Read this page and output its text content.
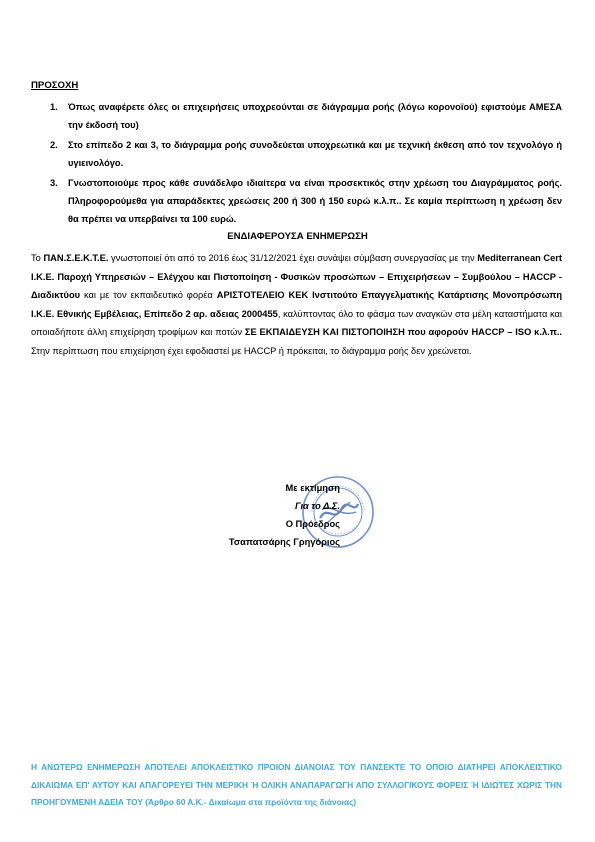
ΠΡΟΣΟΧΗ
1.	Όπως αναφέρετε όλες οι επιχειρήσεις υποχρεούνται σε διάγραμμα ροής (λόγω κορονοϊού) εφιστούμε ΑΜΕΣΑ την έκδοσή του)
2.	Στο επίπεδο 2 και 3, το διάγραμμα ροής συνοδεύεται υποχρεωτικά και με τεχνική έκθεση από τον τεχνολόγο ή υγιεινολόγο.
3.	Γνωστοποιούμε προς κάθε συνάδελφο ιδιαίτερα να είναι προσεκτικός στην χρέωση του Διαγράμματος ροής. Πληροφορούμεθα για απαράδεκτες χρεώσεις 200 ή 300 ή 150 ευρώ κ.λ.π.. Σε καμία περίπτωση η χρέωση δεν θα πρέπει να υπερβαίνει τα 100 ευρώ.
ΕΝΔΙΑΦΕΡΟΥΣΑ ΕΝΗΜΕΡΩΣΗ
Το ΠΑΝ.Σ.Ε.Κ.Τ.Ε. γνωστοποιεί ότι από το 2016 έως 31/12/2021 έχει συνάψει σύμβαση συνεργασίας με την Mediterranean Cert Ι.Κ.Ε. Παροχή Υπηρεσιών – Ελέγχου και Πιστοποίηση - Φυσικών προσώπων – Επιχειρήσεων – Συμβούλου – HACCP - Διαδικτύου και με τον εκπαιδευτικό φορέα ΑΡΙΣΤΟΤΕΛΕΙΟ ΚΕΚ Ινστιτούτο Επαγγελματικής Κατάρτισης Μονοπρόσωπη Ι.Κ.Ε. Εθνικής Εμβέλειας, Επίπεδο 2 αρ. αδειας 2000455, καλύπτοντας όλο το φάσμα των αναγκών στα μέλη καταστήματα και οποιαδήποτε άλλη επιχείρηση τροφίμων και ποτών ΣΕ ΕΚΠΑΙΔΕΥΣΗ ΚΑΙ ΠΙΣΤΟΠΟΙΗΣΗ που αφορούν HACCP – ISO κ.λ.π.. Στην περίπτωση που επιχείρηση έχει εφοδιαστεί με HACCP ή πρόκειται, το διάγραμμα ροής δεν χρεώνεται.
Με εκτίμηση
Για το Δ.Σ.
Ο Πρόεδρος
Τσαπατσάρης Γρηγόριος
Η ΑΝΩΤΕΡΩ ΕΝΗΜΕΡΩΣΗ ΑΠΟΤΕΛΕΙ ΑΠΟΚΛΕΙΣΤΙΚΟ ΠΡΟΙΟΝ ΔΙΑΝΟΙΑΣ ΤΟΥ ΠΑΝΣΕΚΤΕ ΤΟ ΟΠΟΙΟ ΔΙΑΤΗΡΕΙ ΑΠΟΚΛΕΙΣΤΙΚΟ ΔΙΚΑΙΩΜΑ ΕΠ' ΑΥΤΟΥ ΚΑΙ ΑΠΑΓΟΡΕΥΕΙ ΤΗΝ ΜΕΡΙΚΗ Ή ΟΛΙΚΗ ΑΝΑΠΑΡΑΓΩΓΗ ΑΠΟ ΣΥΛΛΟΓΙΚΟΥΣ ΦΟΡΕΙΣ Ή ΙΔΙΩΤΕΣ ΧΩΡΙΣ ΤΗΝ ΠΡΟΗΓΟΥΜΕΝΗ ΑΔΕΙΑ ΤΟΥ (Άρθρο 60 Α.Κ.- Δικαίωμα στα προϊόντα της διάνοιας)
